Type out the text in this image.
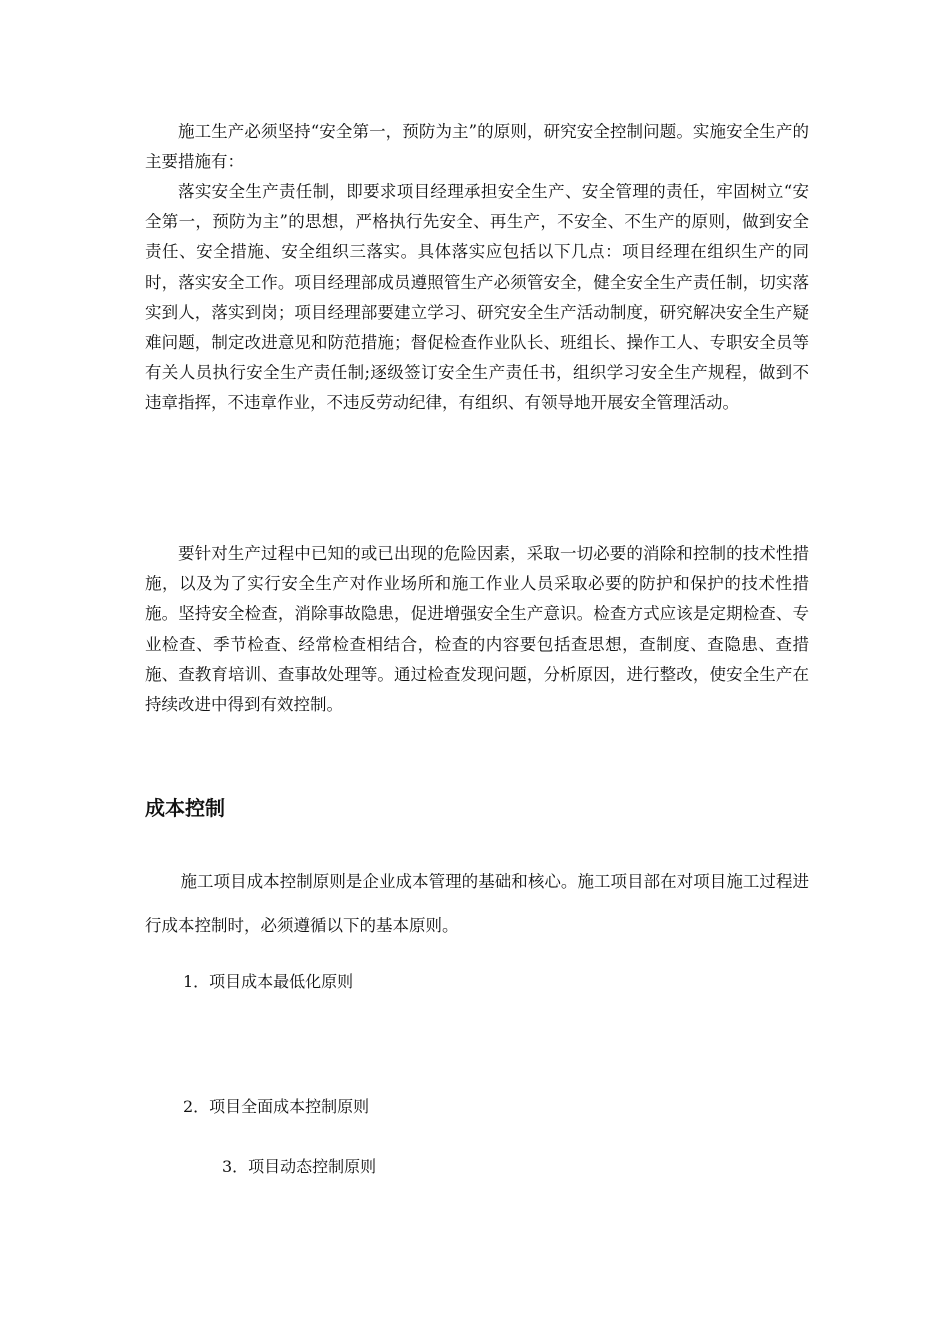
施工生产必须坚持“安全第一，预防为主”的原则，研究安全控制问题。实施安全生产的主要措施有：

落实安全生产责任制，即要求项目经理承担安全生产、安全管理的责任，牢固树立“安全第一，预防为主”的思想，严格执行先安全、再生产，不安全、不生产的原则，做到安全责任、安全措施、安全组织三落实。具体落实应包括以下几点：项目经理在组织生产的同时，落实安全工作。项目经理部成员遵照管生产必须管安全，健全安全生产责任制，切实落实到人，落实到岗；项目经理部要建立学习、研究安全生产活动制度，研究解决安全生产疑难问题，制定改进意见和防范措施；督促检查作业队长、班组长、操作工人、专职安全员等有关人员执行安全生产责任制;逐级签订安全生产责任书，组织学习安全生产规程，做到不违章指挥，不违章作业，不违反劳动纪律，有组织、有领导地开展安全管理活动。

要针对生产过程中已知的或已出现的危险因素，采取一切必要的消除和控制的技术性措施，以及为了实行安全生产对作业场所和施工作业人员采取必要的防护和保护的技术性措施。坚持安全检查，消除事故隐患，促进增强安全生产意识。检查方式应该是定期检查、专业检查、季节检查、经常检查相结合，检查的内容要包括查思想，查制度、查隐患、查措施、查教育培训、查事故处理等。通过检查发现问题，分析原因，进行整改，使安全生产在持续改进中得到有效控制。

成本控制

施工项目成本控制原则是企业成本管理的基础和核心。施工项目部在对项目施工过程进行成本控制时，必须遵循以下的基本原则。

1．项目成本最低化原则

2．项目全面成本控制原则

3．项目动态控制原则
